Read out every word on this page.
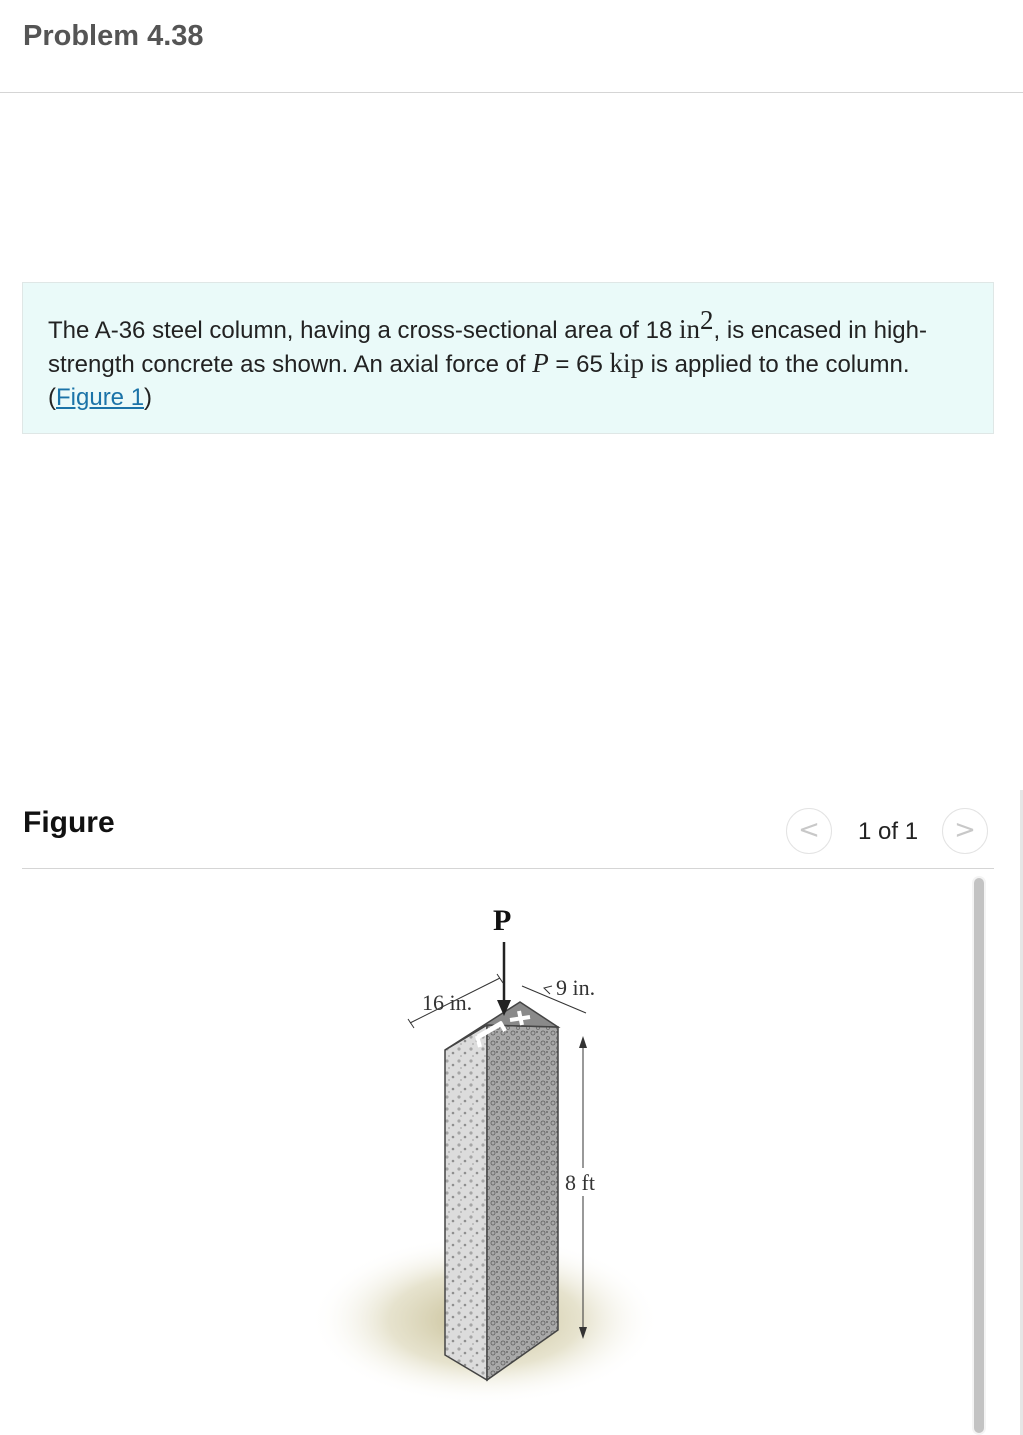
Problem 4.38

The A-36 steel column, having a cross-sectional area of 18 $in^2$, is encased in high-strength concrete as shown. An axial force of P = 65 kip is applied to the column. (Figure 1)

Figure	<	1 of 1	>
P
16 in.
9 in.
8 ft
